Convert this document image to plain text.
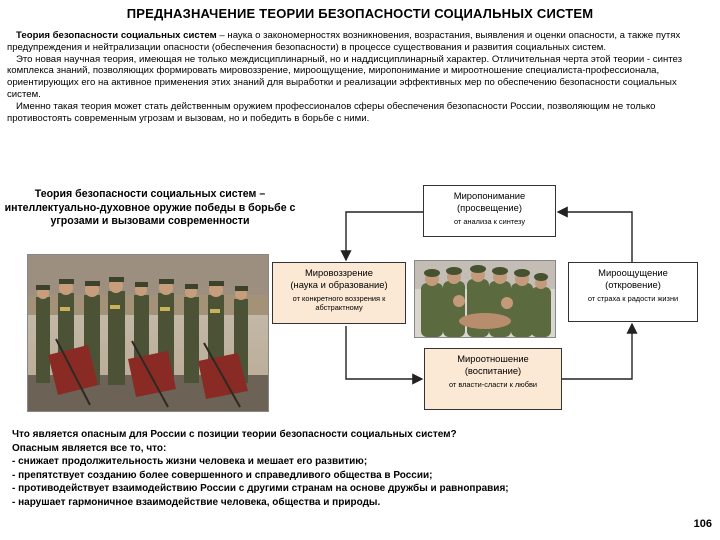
ПРЕДНАЗНАЧЕНИЕ ТЕОРИИ БЕЗОПАСНОСТИ СОЦИАЛЬНЫХ СИСТЕМ

Теория безопасности социальных систем – наука о закономерностях возникновения, возрастания, выявления и оценки опасности, а также путях предупреждения и нейтрализации опасности (обеспечения безопасности) в процессе существования и развития социальных систем.

Это новая научная теория, имеющая не только междисциплинарный, но и наддисциплинарный характер. Отличительная черта этой теории - синтез комплекса знаний, позволяющих формировать мировоззрение, мироощущение, миропонимание и мироотношение специалиста-профессионала, ориентирующих его на активное применения этих знаний для выработки и реализации эффективных мер по обеспечению безопасности социальных систем.

Именно такая теория может стать действенным оружием профессионалов сферы обеспечения безопасности России, позволяющим не только противостоять современным угрозам и вызовам, но и победить в борьбе с ними.

Теория безопасности социальных систем – интеллектуально-духовное оружие победы в борьбе с угрозами и вызовами современности
Миропонимание
(просвещение)
от анализа к синтезу
Мировоззрение
(наука и образование)
от конкретного воззрения к абстрактному
Мироощущение
(откровение)
от страха к радости жизни
Мироотношение
(воспитание)
от власти-сласти к любви
Что является опасным для России с позиции теории безопасности социальных систем?
Опасным является все то, что:
- снижает продолжительность жизни человека и мешает его развитию;
- препятствует созданию более совершенного и справедливого общества в России;
- противодействует взаимодействию России с другими странам на основе дружбы и равноправия;
- нарушает гармоничное взаимодействие человека, общества и природы.
106
